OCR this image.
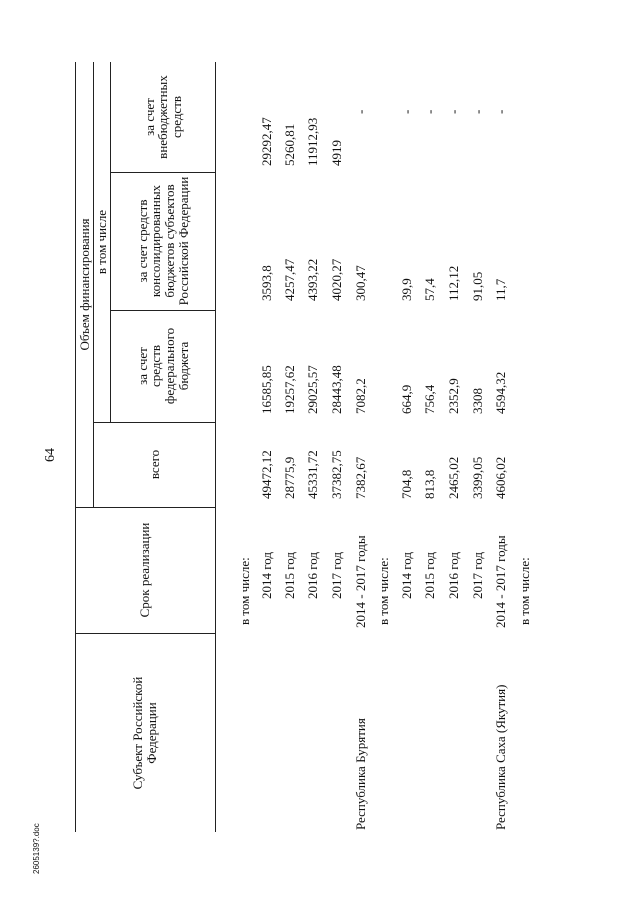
64
2605139?.doc
Субъект Российской Федерации
Срок реализации
Объем финансирования
всего
в том числе
за счет средств федерального бюджета
за счет средств консолидированных бюджетов субъектов Российской Федерации
за счет внебюджетных средств
в том числе: 2014 год
49472,12
16585,85
3593,8
29292,47
2015 год
28775,9
19257,62
4257,47
5260,81
2016 год
45331,72
29025,57
4393,22
11912,93
2017 год
37382,75
28443,48
4020,27
4919
Республика Бурятия
2014 - 2017 годы
7382,67
7082,2
300,47
-
в том числе: 2014 год
704,8
664,9
39,9
-
2015 год
813,8
756,4
57,4
-
2016 год
2465,02
2352,9
112,12
-
2017 год
3399,05
3308
91,05
-
Республика Саха (Якутия)
2014 - 2017 годы
4606,02
4594,32
11,7
-
в том числе:
